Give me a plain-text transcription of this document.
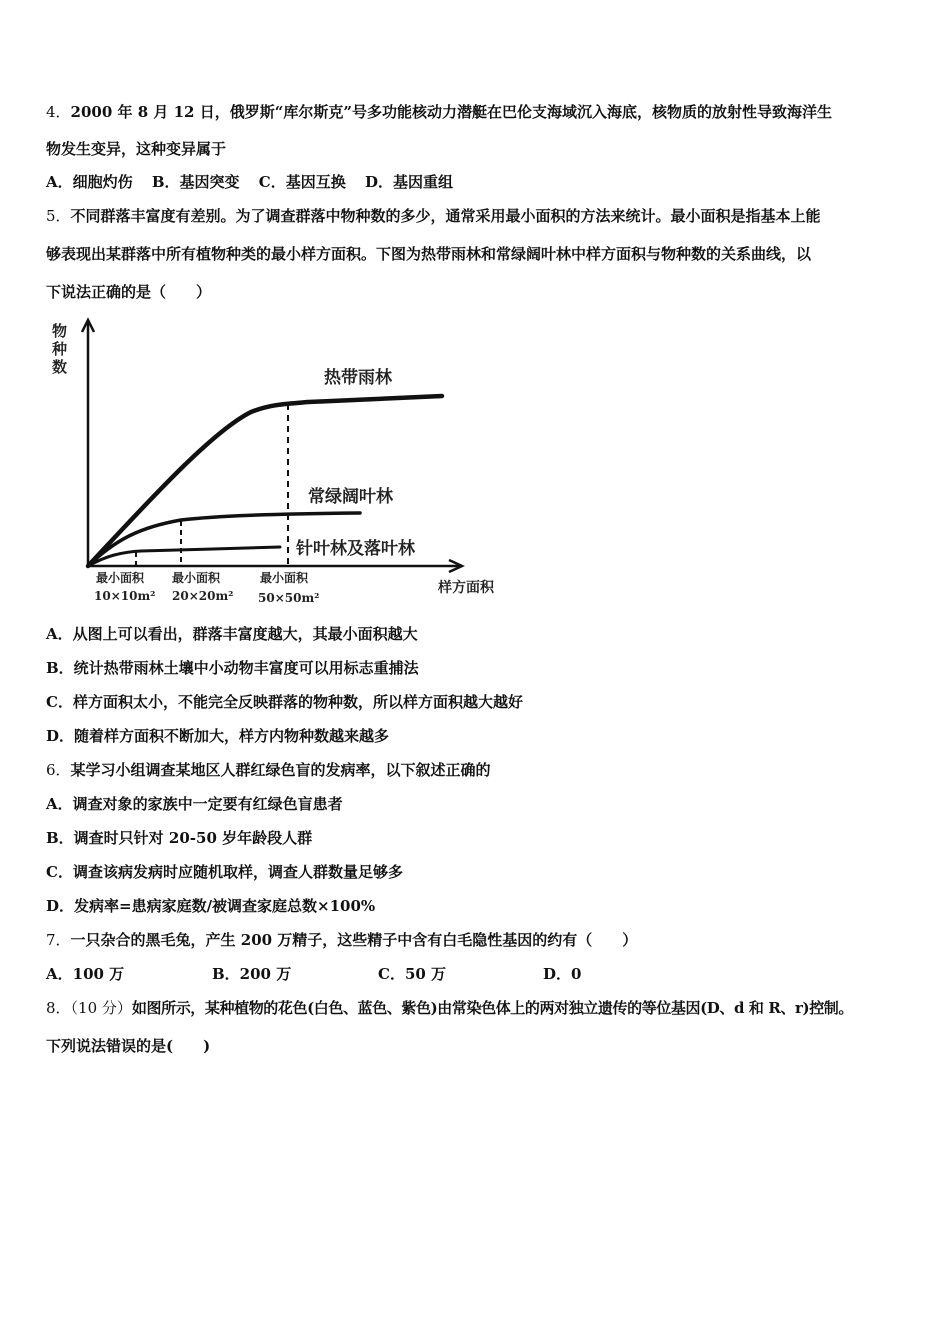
4．2000 年 8 月 12 日，俄罗斯“库尔斯克”号多功能核动力潜艇在巴伦支海域沉入海底，核物质的放射性导致海洋生
物发生变异，这种变异属于
A．细胞灼伤 B．基因突变 C．基因互换 D．基因重组
5．不同群落丰富度有差别。为了调查群落中物种数的多少，通常采用最小面积的方法来统计。最小面积是指基本上能
够表现出某群落中所有植物种类的最小样方面积。下图为热带雨林和常绿阔叶林中样方面积与物种数的关系曲线，以
下说法正确的是（　　）
物
种
数
热带雨林
常绿阔叶林
针叶林及落叶林
最小面积
10×10m²
最小面积
20×20m²
最小面积
50×50m²
样方面积
A．从图上可以看出，群落丰富度越大，其最小面积越大
B．统计热带雨林土壤中小动物丰富度可以用标志重捕法
C．样方面积太小，不能完全反映群落的物种数，所以样方面积越大越好
D．随着样方面积不断加大，样方内物种数越来越多
6．某学习小组调查某地区人群红绿色盲的发病率，以下叙述正确的
A．调查对象的家族中一定要有红绿色盲患者
B．调查时只针对 20-50 岁年龄段人群
C．调查该病发病时应随机取样，调查人群数量足够多
D．发病率=患病家庭数/被调查家庭总数×100%
7．一只杂合的黑毛兔，产生 200 万精子，这些精子中含有白毛隐性基因的约有（　　）
A．100 万	B．200 万	C．50 万	D．0
8．（10 分）如图所示，某种植物的花色(白色、蓝色、紫色)由常染色体上的两对独立遗传的等位基因(D、d 和 R、r)控制。
下列说法错误的是(　　)
